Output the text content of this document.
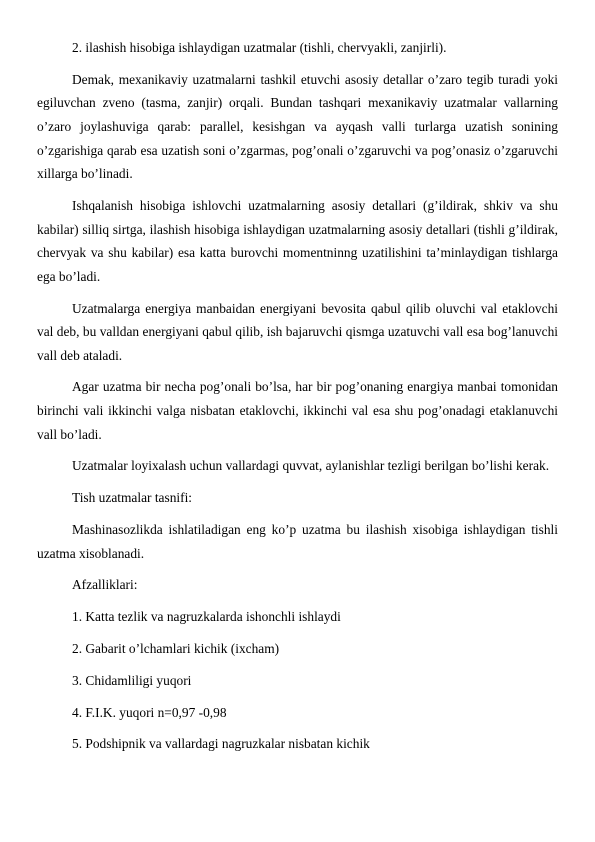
2. ilashish hisobiga ishlaydigan uzatmalar (tishli, chervyakli, zanjirli).

Demak, mexanikaviy uzatmalarni tashkil etuvchi asosiy detallar o’zaro tegib turadi yoki egiluvchan zveno (tasma, zanjir) orqali. Bundan tashqari mexanikaviy uzatmalar vallarning o’zaro joylashuviga qarab: parallel, kesishgan va ayqash valli turlarga uzatish sonining o’zgarishiga qarab esa uzatish soni o’zgarmas, pog’onali o’zgaruvchi va pog’onasiz o’zgaruvchi xillarga bo’linadi.

Ishqalanish hisobiga ishlovchi uzatmalarning asosiy detallari (g’ildirak, shkiv va shu kabilar) silliq sirtga, ilashish hisobiga ishlaydigan uzatmalarning asosiy detallari (tishli g’ildirak, chervyak va shu kabilar) esa katta burovchi momentninng uzatilishini ta’minlaydigan tishlarga ega bo’ladi.

Uzatmalarga energiya manbaidan energiyani bevosita qabul qilib oluvchi val etaklovchi val deb, bu valldan energiyani qabul qilib, ish bajaruvchi qismga uzatuvchi vall esa bog’lanuvchi vall deb ataladi.

Agar uzatma bir necha pog’onali bo’lsa, har bir pog’onaning enargiya manbai tomonidan birinchi vali ikkinchi valga nisbatan etaklovchi, ikkinchi val esa shu pog’onadagi etaklanuvchi vall bo’ladi.

Uzatmalar loyixalash uchun vallardagi quvvat, aylanishlar tezligi berilgan bo’lishi kerak.

Tish uzatmalar tasnifi:

Mashinasozlikda ishlatiladigan eng ko’p uzatma bu ilashish xisobiga ishlaydigan tishli uzatma xisoblanadi.

Afzalliklari:

1. Katta tezlik va nagruzkalarda ishonchli ishlaydi

2. Gabarit o’lchamlari kichik (ixcham)

3. Chidamliligi yuqori

4. F.I.K. yuqori n=0,97 -0,98

5. Podshipnik va vallardagi nagruzkalar nisbatan kichik
